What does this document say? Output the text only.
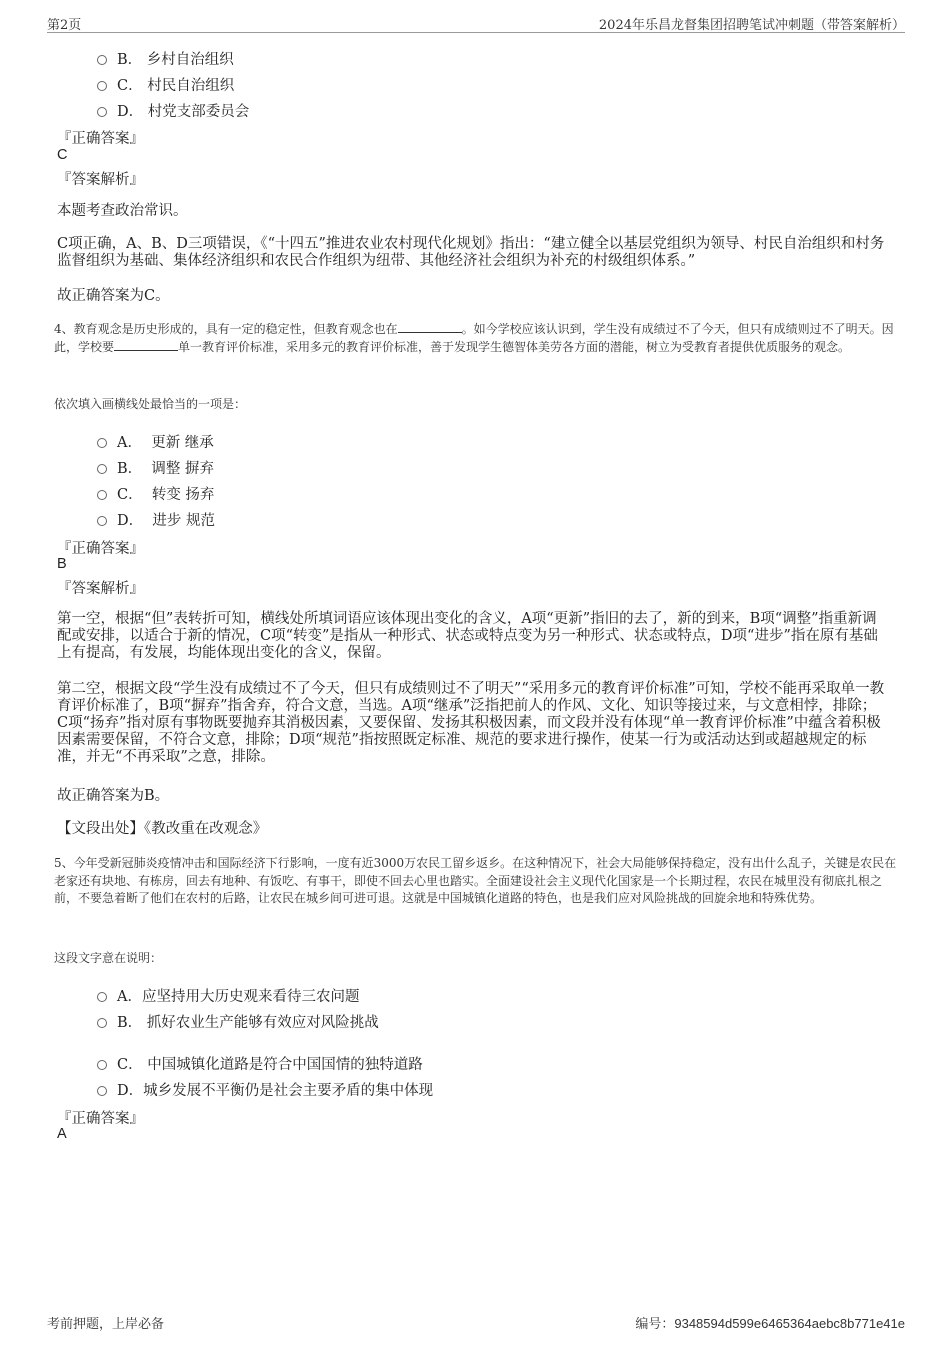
第2页	2024年乐昌龙督集团招聘笔试冲刺题（带答案解析）
B． 乡村自治组织
C． 村民自治组织
D． 村党支部委员会
『正确答案』
C
『答案解析』
本题考查政治常识。
C项正确，A、B、D三项错误，《“十四五”推进农业农村现代化规划》指出：“建立健全以基层党组织为领导、村民自治组织和村务监督组织为基础、集体经济组织和农民合作组织为纽带、其他经济社会组织为补充的村级组织体系。”
故正确答案为C。
4、教育观念是历史形成的，具有一定的稳定性，但教育观念也在	。如今学校应该认识到，学生没有成绩过不了今天，但只有成绩则过不了明天。因此，学校要	单一教育评价标准，采用多元的教育评价标准，善于发现学生德智体美劳各方面的潜能，树立为受教育者提供优质服务的观念。
依次填入画横线处最恰当的一项是：
A． 更新 继承
B． 调整 摒弃
C． 转变 扬弃
D． 进步 规范
『正确答案』
B
『答案解析』
第一空，根据“但”表转折可知，横线处所填词语应该体现出变化的含义，A项“更新”指旧的去了，新的到来，B项“调整”指重新调配或安排，以适合于新的情况，C项“转变”是指从一种形式、状态或特点变为另一种形式、状态或特点，D项“进步”指在原有基础上有提高，有发展，均能体现出变化的含义，保留。
第二空，根据文段“学生没有成绩过不了今天，但只有成绩则过不了明天”“采用多元的教育评价标准”可知，学校不能再采取单一教育评价标准了，B项“摒弃”指舍弃，符合文意，当选。A项“继承”泛指把前人的作风、文化、知识等接过来，与文意相悖，排除；C项“扬弃”指对原有事物既要抛弃其消极因素，又要保留、发扬其积极因素，而文段并没有体现“单一教育评价标准”中蕴含着积极因素需要保留，不符合文意，排除；D项“规范”指按照既定标准、规范的要求进行操作，使某一行为或活动达到或超越规定的标准，并无“不再采取”之意，排除。
故正确答案为B。
【文段出处】《教改重在改观念》
5、今年受新冠肺炎疫情冲击和国际经济下行影响，一度有近3000万农民工留乡返乡。在这种情况下，社会大局能够保持稳定，没有出什么乱子，关键是农民在老家还有块地、有栋房，回去有地种、有饭吃、有事干，即使不回去心里也踏实。全面建设社会主义现代化国家是一个长期过程，农民在城里没有彻底扎根之前，不要急着断了他们在农村的后路，让农民在城乡间可进可退。这就是中国城镇化道路的特色，也是我们应对风险挑战的回旋余地和特殊优势。
这段文字意在说明：
A．应坚持用大历史观来看待三农问题
B． 抓好农业生产能够有效应对风险挑战
C． 中国城镇化道路是符合中国国情的独特道路
D．城乡发展不平衡仍是社会主要矛盾的集中体现
『正确答案』
A
考前押题，上岸必备	编号：9348594d599e6465364aebc8b771e41e
